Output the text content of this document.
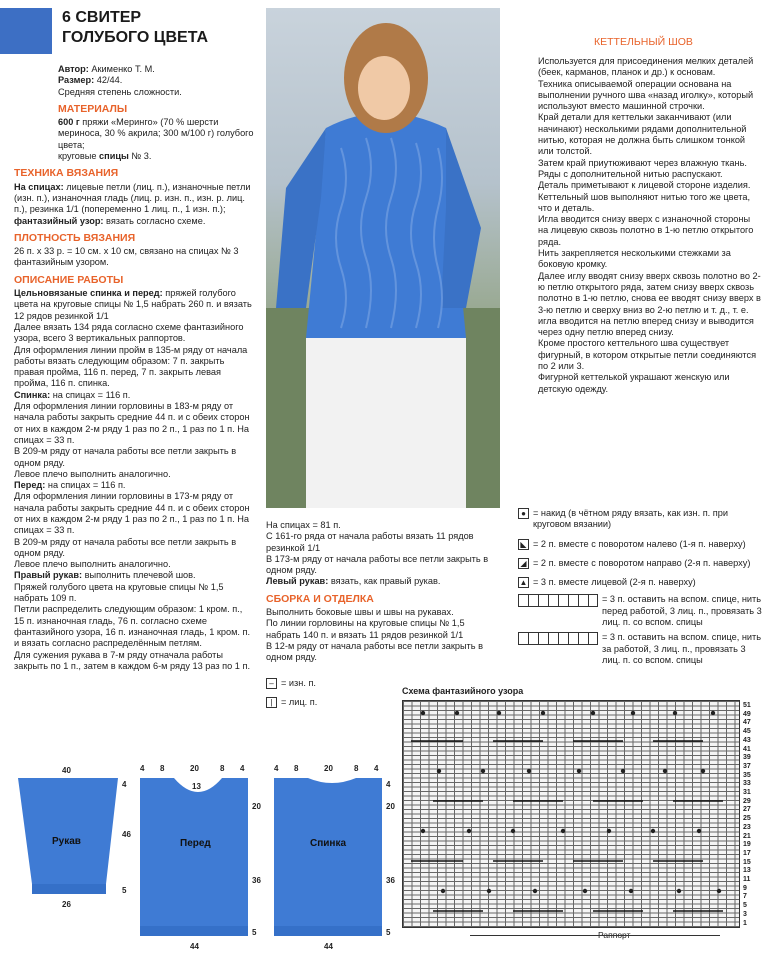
6 СВИТЕР
ГОЛУБОГО ЦВЕТА

Автор: Акименко Т. М.

Размер: 42/44.

Средняя степень сложности.

МАТЕРИАЛЫ

600 г пряжи «Меринго» (70 % шерсти мериноса, 30 % акрила; 300 м/100 г) голубого цвета;

круговые спицы № 3.

ТЕХНИКА ВЯЗАНИЯ

На спицах: лицевые петли (лиц. п.), изнаночные петли (изн. п.), изнаночная гладь (лиц. р. изн. п., изн. р. лиц. п.), резинка 1/1 (попеременно 1 лиц. п., 1 изн. п.);

фантазийный узор: вязать согласно схеме.

ПЛОТНОСТЬ ВЯЗАНИЯ

26 п. х 33 р. = 10 см. х 10 см, связано на спицах № 3 фантазийным узором.

ОПИСАНИЕ РАБОТЫ

Цельновязаные спинка и перед: пряжей голубого цвета на круговые спицы № 1,5 набрать 260 п. и вязать 12 рядов резинкой 1/1

Далее вязать 134 ряда согласно схеме фантазийного узора, всего 3 вертикальных раппортов.

Для оформления линии пройм в 135-м ряду от начала работы вязать следующим образом: 7 п. закрыть правая пройма, 116 п. перед, 7 п. закрыть левая пройма, 116 п. спинка.

Спинка: на спицах = 116 п.

Для оформления линии горловины в 183-м ряду от начала работы закрыть средние 44 п. и с обеих сторон от них в каждом 2-м ряду 1 раз по 2 п., 1 раз по 1 п. На спицах = 33 п.

В 209-м ряду от начала работы все петли закрыть в одном ряду.

Левое плечо выполнить аналогично.

Перед: на спицах = 116 п.

Для оформления линии горловины в 173-м ряду от начала работы закрыть средние 44 п. и с обеих сторон от них в каждом 2-м ряду 1 раз по 2 п., 1 раз по 1 п. На спицах = 33 п.

В 209-м ряду от начала работы все петли закрыть в одном ряду.

Левое плечо выполнить аналогично.

Правый рукав: выполнить плечевой шов.

Пряжей голубого цвета на круговые спицы № 1,5 набрать 109 п.

Петли распределить следующим образом: 1 кром. п., 15 п. изнаночная гладь, 76 п. согласно схеме фантазийного узора, 16 п. изнаночная гладь, 1 кром. п. и вязать согласно распределённым петлям.

Для сужения рукава в 7-м ряду отначала работы закрыть по 1 п., затем в каждом 6-м ряду 13 раз по 1 п.

На спицах = 81 п.

С 161-го ряда от начала работы вязать 11 рядов резинкой 1/1

В 173-м ряду от начала работы все петли закрыть в одном ряду.

Левый рукав: вязать, как правый рукав.

СБОРКА И ОТДЕЛКА

Выполнить боковые швы и швы на рукавах.

По линии горловины на круговые спицы № 1,5 набрать 140 п. и вязать 11 рядов резинкой 1/1

В 12-м ряду от начала работы все петли закрыть в одном ряду.

– = изн. п.
| = лиц. п.
КЕТТЕЛЬНЫЙ ШОВ

Используется для присоединения мелких деталей (беек, карманов, планок и др.) к основам.

Техника описываемой операции основана на выполнении ручного шва «назад иголку», который используют вместо машинной строчки.

Край детали для кеттельки заканчивают (или начинают) несколькими рядами дополнительной нитью, которая не должна быть слишком тонкой или толстой.

Затем край приутюживают через влажную ткань.

Ряды с дополнительной нитью распускают.

Деталь приметывают к лицевой стороне изделия. Кеттельный шов выполняют нитью того же цвета, что и деталь.

Игла вводится снизу вверх с изнаночной стороны на лицевую сквозь полотно в 1-ю петлю открытого ряда.

Нить закрепляется несколькими стежками за боковую кромку.

Далее иглу вводят снизу вверх сквозь полотно во 2-ю петлю открытого ряда, затем снизу вверх сквозь полотно в 1-ю петлю, снова ее вводят снизу вверх в 3-ю петлю и сверху вниз во 2-ю петлю и т. д., т. е. игла вводится на петлю вперед снизу и выводится через одну петлю вперед снизу.

Кроме простого кеттельного шва существует фигурный, в котором открытые петли соединяются по 2 или 3.

Фигурной кеттелькой украшают женскую или детскую одежду.

● = накид (в чётном ряду вязать, как изн. п. при круговом вязании)
◣ = 2 п. вместе с поворотом налево (1-я п. наверху)
◢ = 2 п. вместе с поворотом направо (2-я п. наверху)
▲ = 3 п. вместе лицевой (2-я п. наверху)
= 3 п. оставить на вспом. спице, нить перед работой, 3 лиц. п., провязать 3 лиц. п. со вспом. спицы
= 3 п. оставить на вспом. спице, нить за работой, 3 лиц. п., провязать 3 лиц. п. со вспом. спицы
Схема фантазийного узора
Раппорт
51
49
47
45
43
41
39
37
35
33
31
29
27
25
23
21
19
17
15
13
11
9
7
5
3
1
40
4
46
5
26
Рукав
4 8	20	8 4
13
20
36
5
44
Перед
4 8	20	8 4
4
20
36
5
44
Спинка
